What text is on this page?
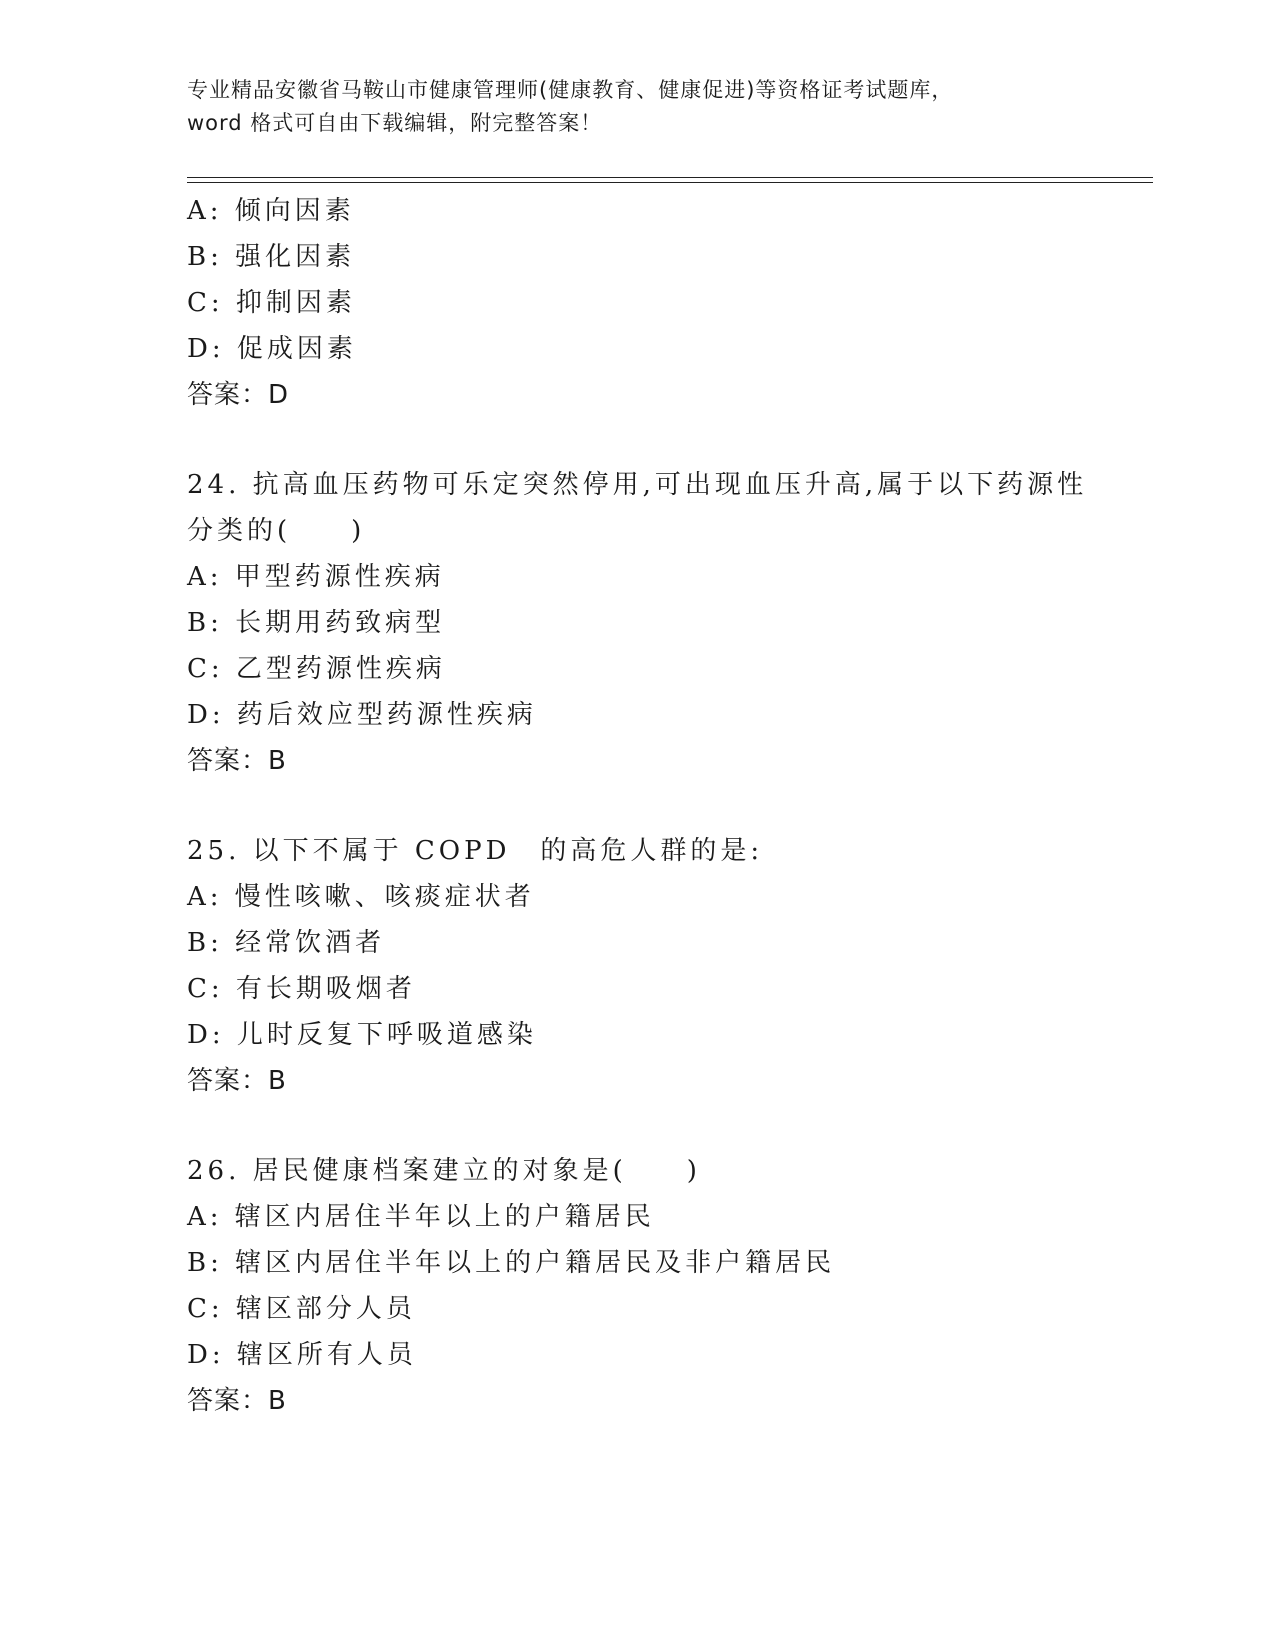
专业精品安徽省马鞍山市健康管理师(健康教育、健康促进)等资格证考试题库，
word 格式可自由下载编辑，附完整答案！
A: 倾向因素
B: 强化因素
C: 抑制因素
D: 促成因素
答案：D
24. 抗高血压药物可乐定突然停用,可出现血压升高,属于以下药源性
分类的(　　)
A: 甲型药源性疾病
B: 长期用药致病型
C: 乙型药源性疾病
D: 药后效应型药源性疾病
答案：B
25. 以下不属于 COPD　的高危人群的是:
A: 慢性咳嗽、咳痰症状者
B: 经常饮酒者
C: 有长期吸烟者
D: 儿时反复下呼吸道感染
答案：B
26. 居民健康档案建立的对象是(　　)
A: 辖区内居住半年以上的户籍居民
B: 辖区内居住半年以上的户籍居民及非户籍居民
C: 辖区部分人员
D: 辖区所有人员
答案：B
